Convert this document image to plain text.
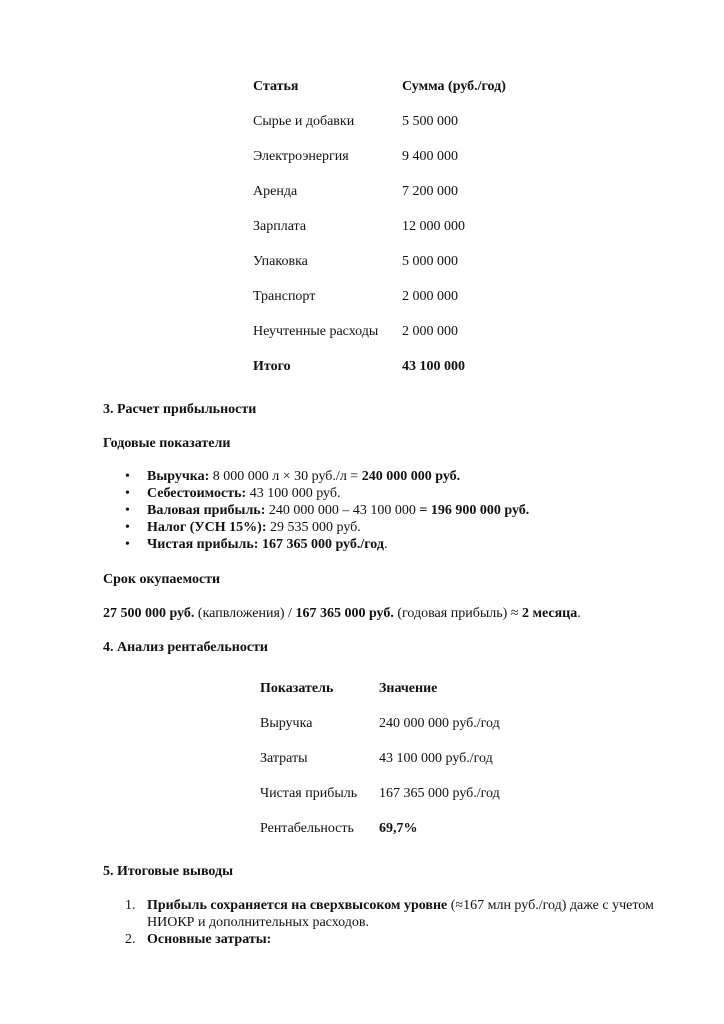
Статья	Сумма (руб./год)
Сырье и добавки	5 500 000
Электроэнергия	9 400 000
Аренда	7 200 000
Зарплата	12 000 000
Упаковка	5 000 000
Транспорт	2 000 000
Неучтенные расходы	2 000 000
Итого	43 100 000
3. Расчет прибыльности
Годовые показатели
• Выручка: 8 000 000 л × 30 руб./л = 240 000 000 руб.
• Себестоимость: 43 100 000 руб.
• Валовая прибыль: 240 000 000 – 43 100 000 = 196 900 000 руб.
• Налог (УСН 15%): 29 535 000 руб.
• Чистая прибыль: 167 365 000 руб./год.
Срок окупаемости

27 500 000 руб. (капвложения) / 167 365 000 руб. (годовая прибыль) ≈ 2 месяца.

4. Анализ рентабельности
Показатель	Значение
Выручка	240 000 000 руб./год
Затраты	43 100 000 руб./год
Чистая прибыль	167 365 000 руб./год
Рентабельность	69,7%
5. Итоговые выводы
1. Прибыль сохраняется на сверхвысоком уровне (≈167 млн руб./год) даже с учетом НИОКР и дополнительных расходов.
2. Основные затраты:
